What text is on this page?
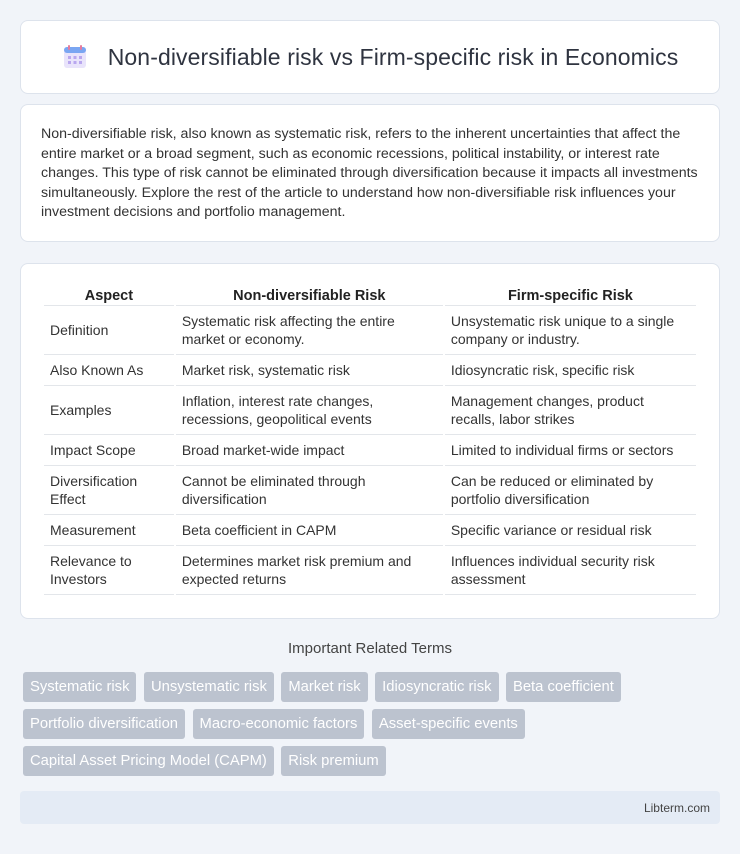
Non-diversifiable risk vs Firm-specific risk in Economics

Non-diversifiable risk, also known as systematic risk, refers to the inherent uncertainties that affect the entire market or a broad segment, such as economic recessions, political instability, or interest rate changes. This type of risk cannot be eliminated through diversification because it impacts all investments simultaneously. Explore the rest of the article to understand how non-diversifiable risk influences your investment decisions and portfolio management.

Aspect	Non-diversifiable Risk	Firm-specific Risk
Definition	Systematic risk affecting the entire market or economy.	Unsystematic risk unique to a single company or industry.
Also Known As	Market risk, systematic risk	Idiosyncratic risk, specific risk
Examples	Inflation, interest rate changes, recessions, geopolitical events	Management changes, product recalls, labor strikes
Impact Scope	Broad market-wide impact	Limited to individual firms or sectors
Diversification Effect	Cannot be eliminated through diversification	Can be reduced or eliminated by portfolio diversification
Measurement	Beta coefficient in CAPM	Specific variance or residual risk
Relevance to Investors	Determines market risk premium and expected returns	Influences individual security risk assessment
Important Related Terms
Systematic risk Unsystematic risk Market risk Idiosyncratic risk Beta coefficient Portfolio diversification Macro-economic factors Asset-specific events Capital Asset Pricing Model (CAPM) Risk premium
Libterm.com
